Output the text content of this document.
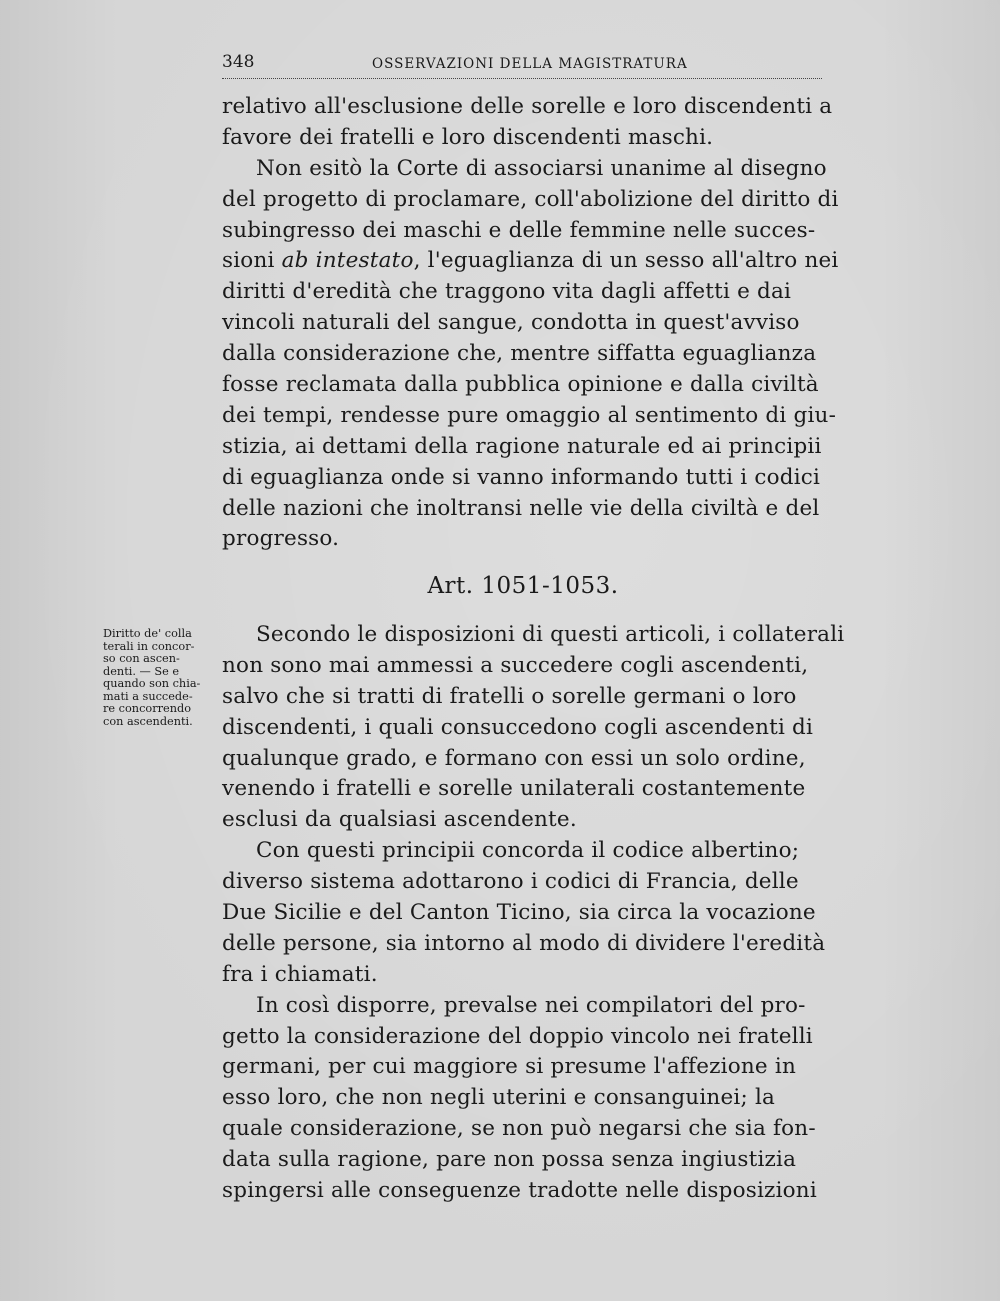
348	OSSERVAZIONI DELLA MAGISTRATURA
relativo all'esclusione delle sorelle e loro discendenti a
favore dei fratelli e loro discendenti maschi.
Non esitò la Corte di associarsi unanime al disegno
del progetto di proclamare, coll'abolizione del diritto di
subingresso dei maschi e delle femmine nelle succes-
sioni ab intestato, l'eguaglianza di un sesso all'altro nei
diritti d'eredità che traggono vita dagli affetti e dai
vincoli naturali del sangue, condotta in quest'avviso
dalla considerazione che, mentre siffatta eguaglianza
fosse reclamata dalla pubblica opinione e dalla civiltà
dei tempi, rendesse pure omaggio al sentimento di giu-
stizia, ai dettami della ragione naturale ed ai principii
di eguaglianza onde si vanno informando tutti i codici
delle nazioni che inoltransi nelle vie della civiltà e del
progresso.
Art. 1051-1053.
Diritto de' colla
terali in concor-
so con ascen-
denti. — Se e
quando son chia-
mati a succede-
re concorrendo
con ascendenti.
Secondo le disposizioni di questi articoli, i collaterali
non sono mai ammessi a succedere cogli ascendenti,
salvo che si tratti di fratelli o sorelle germani o loro
discendenti, i quali consuccedono cogli ascendenti di
qualunque grado, e formano con essi un solo ordine,
venendo i fratelli e sorelle unilaterali costantemente
esclusi da qualsiasi ascendente.
Con questi principii concorda il codice albertino;
diverso sistema adottarono i codici di Francia, delle
Due Sicilie e del Canton Ticino, sia circa la vocazione
delle persone, sia intorno al modo di dividere l'eredità
fra i chiamati.
In così disporre, prevalse nei compilatori del pro-
getto la considerazione del doppio vincolo nei fratelli
germani, per cui maggiore si presume l'affezione in
esso loro, che non negli uterini e consanguinei; la
quale considerazione, se non può negarsi che sia fon-
data sulla ragione, pare non possa senza ingiustizia
spingersi alle conseguenze tradotte nelle disposizioni
